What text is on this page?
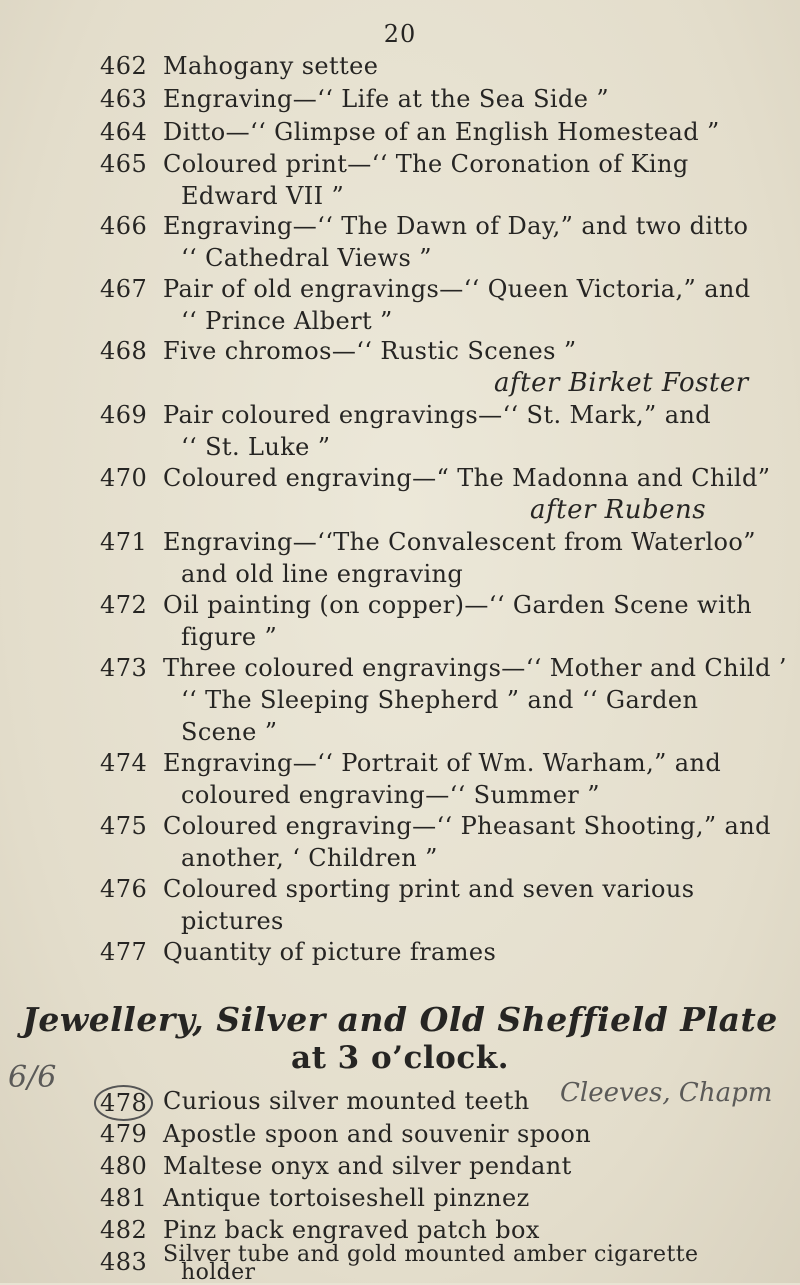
20
462 Mahogany settee
463 Engraving—‘‘ Life at the Sea Side ”
464 Ditto—‘‘ Glimpse of an English Homestead ”
465 Coloured print—‘‘ The Coronation of King
Edward VII ”
466 Engraving—‘‘ The Dawn of Day,” and two ditto
‘‘ Cathedral Views ”
467 Pair of old engravings—‘‘ Queen Victoria,” and
‘‘ Prince Albert ”
468 Five chromos—‘‘ Rustic Scenes ”
after Birket Foster
469 Pair coloured engravings—‘‘ St. Mark,” and
‘‘ St. Luke ”
470 Coloured engraving—“ The Madonna and Child”
after Rubens
471 Engraving—‘‘The Convalescent from Waterloo”
and old line engraving
472 Oil painting (on copper)—‘‘ Garden Scene with
figure ”
473 Three coloured engravings—‘‘ Mother and Child ’
‘‘ The Sleeping Shepherd ” and ‘‘ Garden
Scene ”
474 Engraving—‘‘ Portrait of Wm. Warham,” and
coloured engraving—‘‘ Summer ”
475 Coloured engraving—‘‘ Pheasant Shooting,” and
another, ‘ Children ”
476 Coloured sporting print and seven various
pictures
477 Quantity of picture frames
Jewellery, Silver and Old Sheffield Plate
at 3 o’clock.
478 Curious silver mounted teeth	Cleeves, Chapm
6/6
479 Apostle spoon and souvenir spoon
480 Maltese onyx and silver pendant
481 Antique tortoiseshell pinznez
482 Pinz back engraved patch box
483 Silver tube and gold mounted amber cigarette
holder
